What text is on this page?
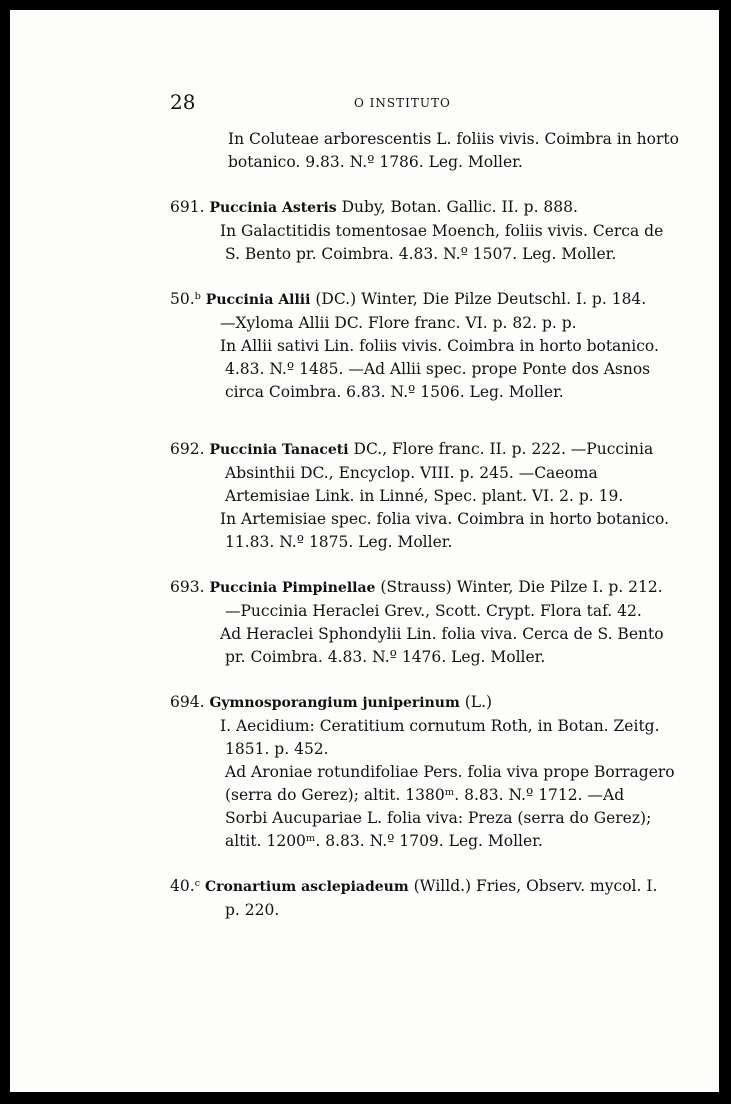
28	O INSTITUTO
In Coluteae arborescentis L. foliis vivis. Coimbra in horto
botanico. 9.83. N.º 1786. Leg. Moller.
691. Puccinia Asteris Duby, Botan. Gallic. II. p. 888.
In Galactitidis tomentosae Moench, foliis vivis. Cerca de
S. Bento pr. Coimbra. 4.83. N.º 1507. Leg. Moller.
50.ᵇ Puccinia Allii (DC.) Winter, Die Pilze Deutschl. I. p. 184.
—Xyloma Allii DC. Flore franc. VI. p. 82. p. p.
In Allii sativi Lin. foliis vivis. Coimbra in horto botanico.
4.83. N.º 1485. —Ad Allii spec. prope Ponte dos Asnos
circa Coimbra. 6.83. N.º 1506. Leg. Moller.
692. Puccinia Tanaceti DC., Flore franc. II. p. 222. —Puccinia
Absinthii DC., Encyclop. VIII. p. 245. —Caeoma
Artemisiae Link. in Linné, Spec. plant. VI. 2. p. 19.
In Artemisiae spec. folia viva. Coimbra in horto botanico.
11.83. N.º 1875. Leg. Moller.
693. Puccinia Pimpinellae (Strauss) Winter, Die Pilze I. p. 212.
—Puccinia Heraclei Grev., Scott. Crypt. Flora taf. 42.
Ad Heraclei Sphondylii Lin. folia viva. Cerca de S. Bento
pr. Coimbra. 4.83. N.º 1476. Leg. Moller.
694. Gymnosporangium juniperinum (L.)
I. Aecidium: Ceratitium cornutum Roth, in Botan. Zeitg.
1851. p. 452.
Ad Aroniae rotundifoliae Pers. folia viva prope Borragero
(serra do Gerez); altit. 1380ᵐ. 8.83. N.º 1712. —Ad
Sorbi Aucupariae L. folia viva: Preza (serra do Gerez);
altit. 1200ᵐ. 8.83. N.º 1709. Leg. Moller.
40.ᶜ Cronartium asclepiadeum (Willd.) Fries, Observ. mycol. I.
p. 220.
